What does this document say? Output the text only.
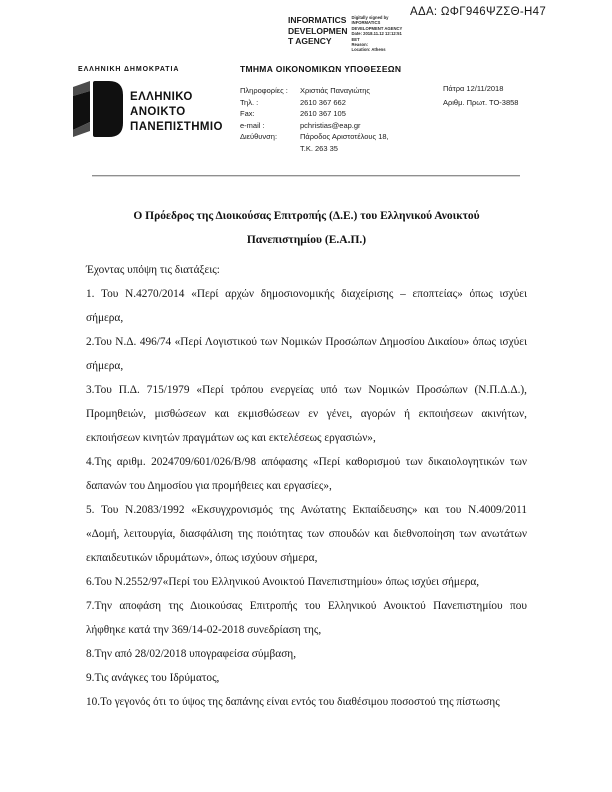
ΑΔΑ: ΩΦΓ946ΨΖΣΘ-Η47
INFORMATICS
DEVELOPMEN
T AGENCY
Digitally signed by
INFORMATICS
DEVELOPMENT AGENCY
Date: 2018.11.12 12:12:51
EET
Reason:
Location: Athens
ΕΛΛΗΝΙΚΗ ΔΗΜΟΚΡΑΤΙΑ
ΕΛΛΗΝΙΚΟ
ΑΝΟΙΚΤΟ
ΠΑΝΕΠΙΣΤΗΜΙΟ
ΤΜΗΜΑ ΟΙΚΟΝΟΜΙΚΩΝ ΥΠΟΘΕΣΕΩΝ
Πληροφορίες :	Χριστιάς Παναγιώτης
Τηλ. :	2610 367 662
Fax:	2610 367 105
e-mail :	pchristias@eap.gr
Διεύθυνση:	Πάροδος Αριστοτέλους 18,
Τ.Κ. 263 35
Πάτρα 12/11/2018
Αριθμ. Πρωτ. ΤΟ-3858
Ο Πρόεδρος της Διοικούσας Επιτροπής (Δ.Ε.) του Ελληνικού Ανοικτού
Πανεπιστημίου (Ε.Α.Π.)

Έχοντας υπόψη τις διατάξεις:

1. Του Ν.4270/2014 «Περί αρχών δημοσιονομικής διαχείρισης – εποπτείας» όπως ισχύει σήμερα,

2.Του Ν.Δ. 496/74 «Περί Λογιστικού των Νομικών Προσώπων Δημοσίου Δικαίου» όπως ισχύει σήμερα,

3.Του Π.Δ. 715/1979 «Περί τρόπου ενεργείας υπό των Νομικών Προσώπων (Ν.Π.Δ.Δ.), Προμηθειών, μισθώσεων και εκμισθώσεων εν γένει, αγορών ή εκποιήσεων ακινήτων, εκποιήσεων κινητών πραγμάτων ως και εκτελέσεως εργασιών»,

4.Της αριθμ. 2024709/601/026/Β/98 απόφασης «Περί καθορισμού των δικαιολογητικών των δαπανών του Δημοσίου για προμήθειες και εργασίες»,

5. Του Ν.2083/1992 «Εκσυγχρονισμός της Ανώτατης Εκπαίδευσης» και του Ν.4009/2011 «Δομή, λειτουργία, διασφάλιση της ποιότητας των σπουδών και διεθνοποίηση των ανωτάτων εκπαιδευτικών ιδρυμάτων», όπως ισχύουν σήμερα,

6.Του Ν.2552/97«Περί του Ελληνικού Ανοικτού Πανεπιστημίου» όπως ισχύει σήμερα,

7.Την αποφάση της Διοικούσας Επιτροπής του Ελληνικού Ανοικτού Πανεπιστημίου που λήφθηκε κατά την 369/14-02-2018 συνεδρίαση της,

8.Την από 28/02/2018 υπογραφείσα σύμβαση,

9.Τις ανάγκες του Ιδρύματος,

10.Το γεγονός ότι το ύψος της δαπάνης είναι εντός του διαθέσιμου ποσοστού της πίστωσης
